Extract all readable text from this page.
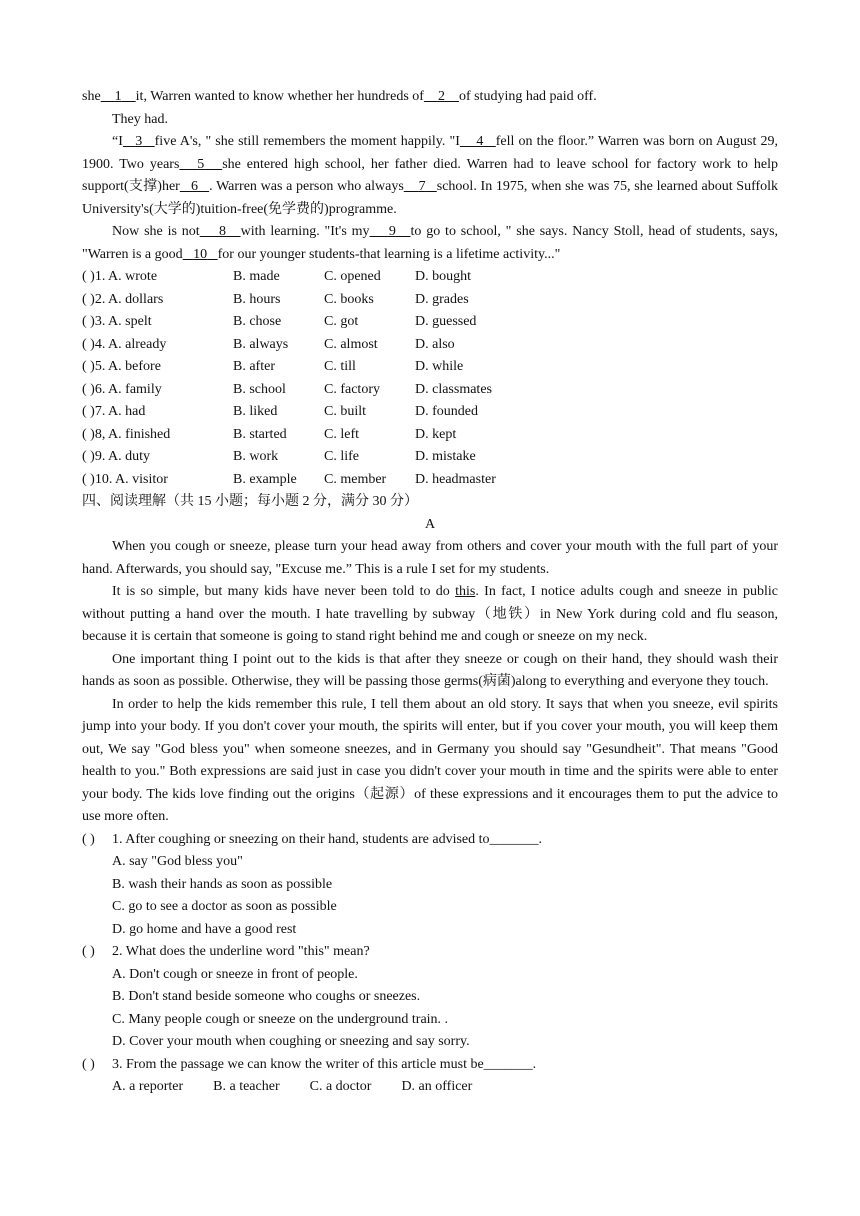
she 1 it, Warren wanted to know whether her hundreds of 2 of studying had paid off.

They had.

“I 3 five A's, " she still remembers the moment happily. "I 4 fell on the floor.” Warren was born on August 29, 1900. Two years 5 she entered high school, her father died. Warren had to leave school for factory work to help support(支撑)her 6 . Warren was a person who always 7 school. In 1975, when she was 75, she learned about Suffolk University's(大学的)tuition-free(免学费的)programme.

Now she is not 8 with learning. "It's my 9 to go to school, " she says. Nancy Stoll, head of students, says, "Warren is a good 10 for our younger students-that learning is a lifetime activity..."

( )1. A. wrote	B. made	C. opened	D. bought
( )2. A. dollars	B. hours	C. books	D. grades
( )3. A. spelt	B. chose	C. got	D. guessed
( )4. A. already	B. always	C. almost	D. also
( )5. A. before	B. after	C. till	D. while
( )6. A. family	B. school	C. factory	D. classmates
( )7. A. had	B. liked	C. built	D. founded
( )8, A. finished	B. started	C. left	D. kept
( )9. A. duty	B. work	C. life	D. mistake
( )10. A. visitor	B. example	C. member	D. headmaster

四、阅读理解（共 15 小题；每小题 2 分，满分 30 分）

A

When you cough or sneeze, please turn your head away from others and cover your mouth with the full part of your hand. Afterwards, you should say, "Excuse me.” This is a rule I set for my students.

It is so simple, but many kids have never been told to do this. In fact, I notice adults cough and sneeze in public without putting a hand over the mouth. I hate travelling by subway（地铁）in New York during cold and flu season, because it is certain that someone is going to stand right behind me and cough or sneeze on my neck.

One important thing I point out to the kids is that after they sneeze or cough on their hand, they should wash their hands as soon as possible. Otherwise, they will be passing those germs(病菌)along to everything and everyone they touch.

In order to help the kids remember this rule, I tell them about an old story. It says that when you sneeze, evil spirits jump into your body. If you don't cover your mouth, the spirits will enter, but if you cover your mouth, you will keep them out, We say "God bless you" when someone sneezes, and in Germany you should say "Gesundheit". That means "Good health to you." Both expressions are said just in case you didn't cover your mouth in time and the spirits were able to enter your body. The kids love finding out the origins（起源）of these expressions and it encourages them to put the advice to use more often.

( )	1. After coughing or sneezing on their hand, students are advised to_______.
A. say "God bless you"
B. wash their hands as soon as possible
C. go to see a doctor as soon as possible
D. go home and have a good rest
( )	2. What does the underline word "this" mean?
A. Don't cough or sneeze in front of people.
B. Don't stand beside someone who coughs or sneezes.
C. Many people cough or sneeze on the underground train. .
D. Cover your mouth when coughing or sneezing and say sorry.
( )	3. From the passage we can know the writer of this article must be_______.
A. a reporter B. a teacher C. a doctor D. an officer
